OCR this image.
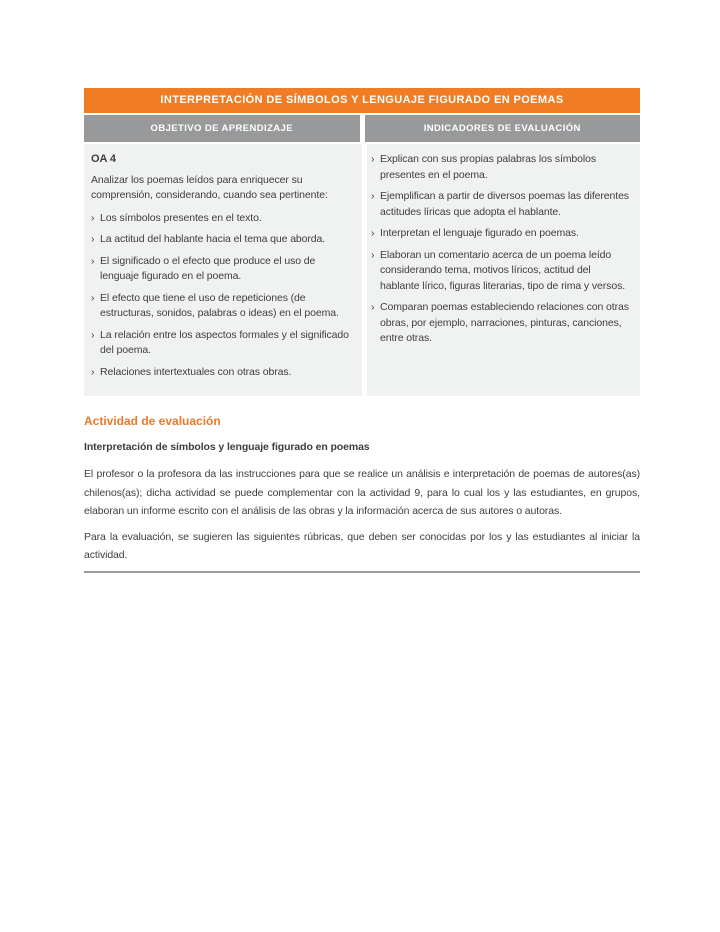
INTERPRETACIÓN DE SÍMBOLOS Y LENGUAJE FIGURADO EN POEMAS
OBJETIVO DE APRENDIZAJE	INDICADORES DE EVALUACIÓN
OA 4

Analizar los poemas leídos para enriquecer su comprensión, considerando, cuando sea pertinente:

› Los símbolos presentes en el texto.
› La actitud del hablante hacia el tema que aborda.
› El significado o el efecto que produce el uso de lenguaje figurado en el poema.
› El efecto que tiene el uso de repeticiones (de estructuras, sonidos, palabras o ideas) en el poema.
› La relación entre los aspectos formales y el significado del poema.
› Relaciones intertextuales con otras obras.
› Explican con sus propias palabras los símbolos presentes en el poema.
› Ejemplifican a partir de diversos poemas las diferentes actitudes líricas que adopta el hablante.
› Interpretan el lenguaje figurado en poemas.
› Elaboran un comentario acerca de un poema leído considerando tema, motivos líricos, actitud del hablante lírico, figuras literarias, tipo de rima y versos.
› Comparan poemas estableciendo relaciones con otras obras, por ejemplo, narraciones, pinturas, canciones, entre otras.
Actividad de evaluación
Interpretación de símbolos y lenguaje figurado en poemas

El profesor o la profesora da las instrucciones para que se realice un análisis e interpretación de poemas de autores(as) chilenos(as); dicha actividad se puede complementar con la actividad 9, para lo cual los y las estudiantes, en grupos, elaboran un informe escrito con el análisis de las obras y la información acerca de sus autores o autoras.

Para la evaluación, se sugieren las siguientes rúbricas, que deben ser conocidas por los y las estudiantes al iniciar la actividad.
